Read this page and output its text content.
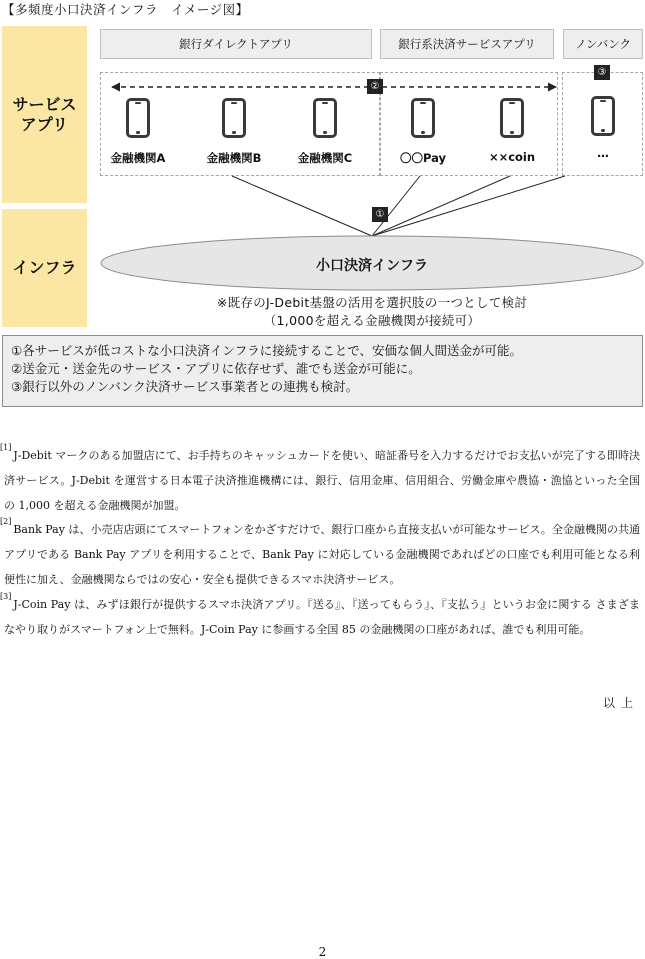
【多頻度小口決済インフラ　イメージ図】
サービス
アプリ
インフラ
銀行ダイレクトアプリ	銀行系決済サービスアプリ	ノンバンク
②
③
①
金融機関A	金融機関B	金融機関C	〇〇Pay	××coin	…
小口決済インフラ
※既存のJ-Debit基盤の活用を選択肢の一つとして検討
（1,000を超える金融機関が接続可）
①各サービスが低コストな小口決済インフラに接続することで、安価な個人間送金が可能。
②送金元・送金先のサービス・アプリに依存せず、誰でも送金が可能に。
③銀行以外のノンバンク決済サービス事業者との連携も検討。
[1]J-Debit マークのある加盟店にて、お手持ちのキャッシュカードを使い、暗証番号を入力するだけでお支払いが完了する即時決済サービス。J-Debit を運営する日本電子決済推進機構には、銀行、信用金庫、信用組合、労働金庫や農協・漁協といった全国の 1,000 を超える金融機関が加盟。
[2]Bank Pay は、小売店店頭にてスマートフォンをかざすだけで、銀行口座から直接支払いが可能なサービス。全金融機関の共通アプリである Bank Pay アプリを利用することで、Bank Pay に対応している金融機関であればどの口座でも利用可能となる利便性に加え、金融機関ならではの安心・安全も提供できるスマホ決済サービス。
[3]J-Coin Pay は、みずほ銀行が提供するスマホ決済アプリ。『送る』、『送ってもらう』、『支払う』というお金に関する さまざまなやり取りがスマートフォン上で無料。J-Coin Pay に参画する全国 85 の金融機関の口座があれば、誰でも利用可能。
以上
2
